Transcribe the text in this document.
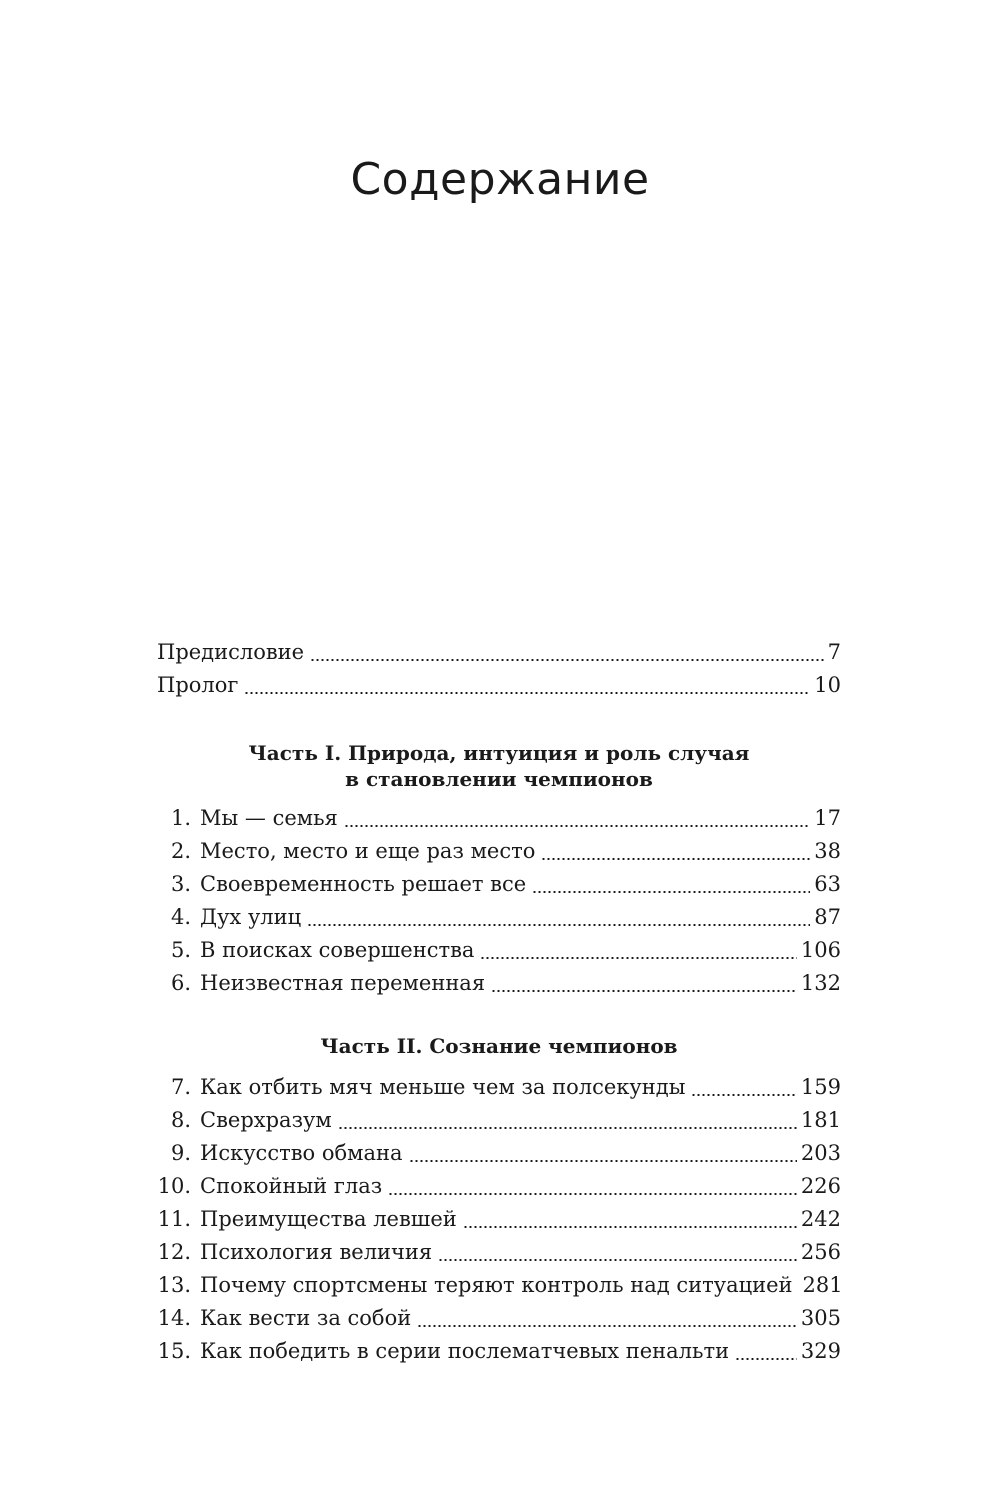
Содержание
Предисловие	7
Пролог	10
Часть I. Природа, интуиция и роль случая
в становлении чемпионов
1. Мы — семья	17
2. Место, место и еще раз место	38
3. Своевременность решает все	63
4. Дух улиц	87
5. В поисках совершенства	106
6. Неизвестная переменная	132
Часть II. Сознание чемпионов
7. Как отбить мяч меньше чем за полсекунды	159
8. Сверхразум	181
9. Искусство обмана	203
10. Спокойный глаз	226
11. Преимущества левшей	242
12. Психология величия	256
13. Почему спортсмены теряют контроль над ситуацией 281
14. Как вести за собой	305
15. Как победить в серии послематчевых пенальти	329
